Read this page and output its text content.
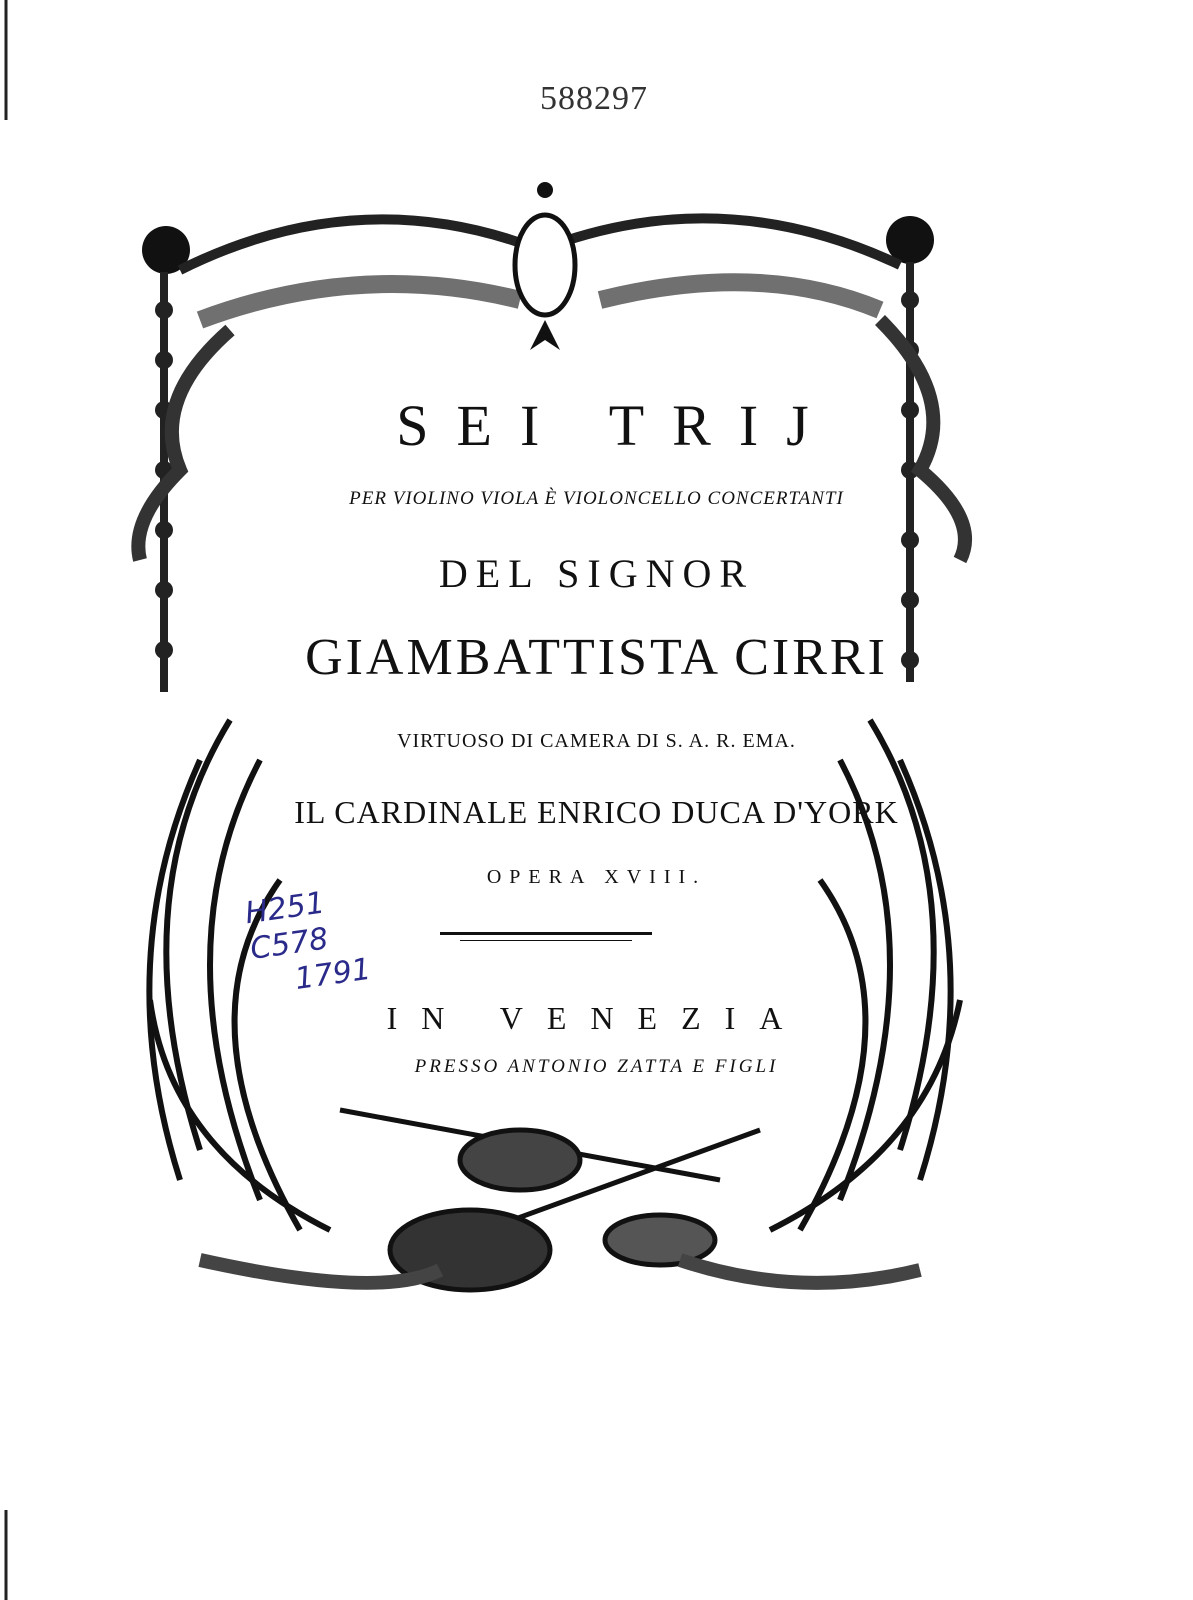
588297
SEI TRIJ
PER VIOLINO VIOLA È VIOLONCELLO CONCERTANTI
DEL SIGNOR
GIAMBATTISTA CIRRI
VIRTUOSO DI CAMERA DI S. A. R. EMA.
IL CARDINALE ENRICO DUCA D'YORK
OPERA XVIII.
IN VENEZIA
PRESSO ANTONIO ZATTA E FIGLI
H251
C578
1791
